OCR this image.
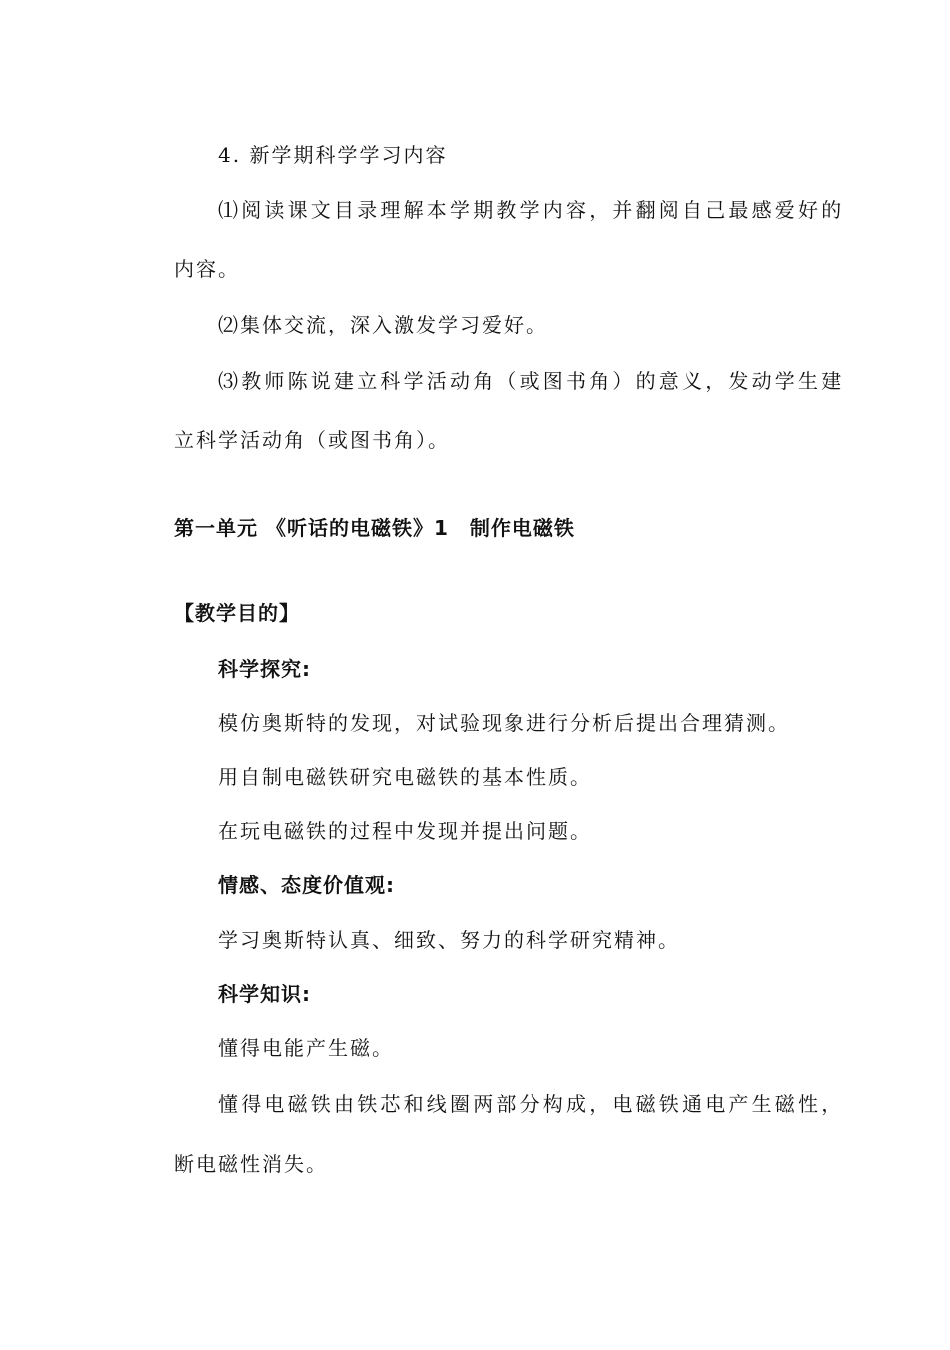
4. 新学期科学学习内容
⑴阅读课文目录理解本学期教学内容，并翻阅自己最感爱好的
内容。
⑵集体交流，深入激发学习爱好。
⑶教师陈说建立科学活动角（或图书角）的意义，发动学生建
立科学活动角（或图书角）。
第一单元 《听话的电磁铁》1　制作电磁铁
【教学目的】
科学探究:
模仿奥斯特的发现，对试验现象进行分析后提出合理猜测。
用自制电磁铁研究电磁铁的基本性质。
在玩电磁铁的过程中发现并提出问题。
情感、态度价值观:
学习奥斯特认真、细致、努力的科学研究精神。
科学知识:
懂得电能产生磁。
懂得电磁铁由铁芯和线圈两部分构成，电磁铁通电产生磁性，
断电磁性消失。
